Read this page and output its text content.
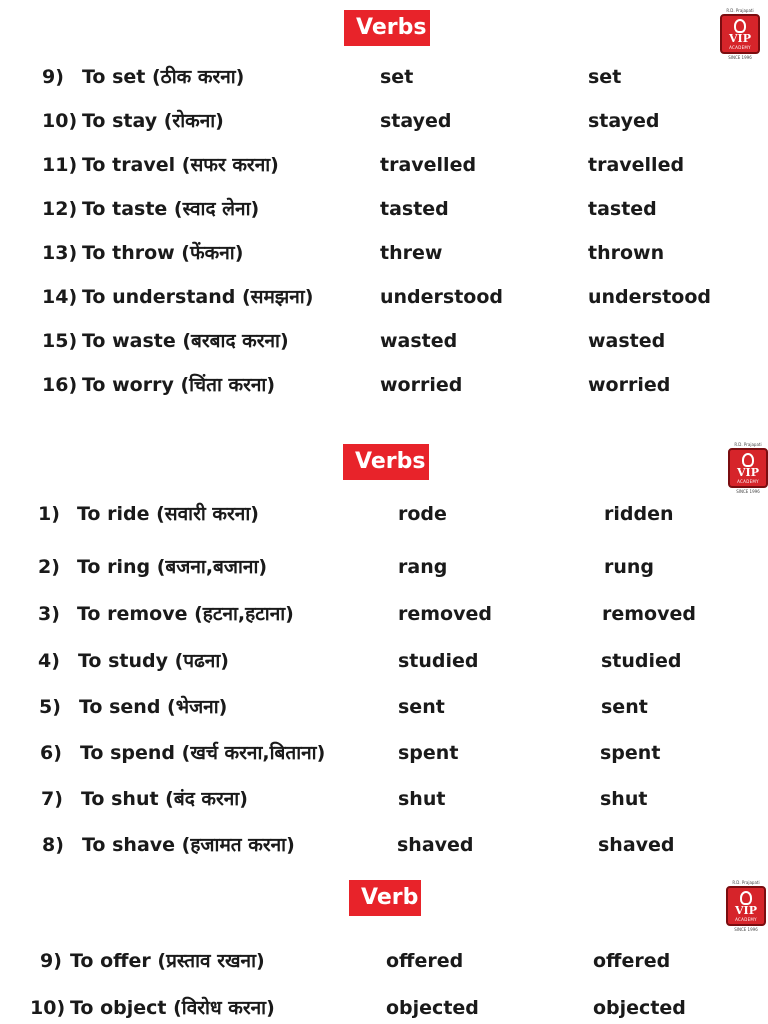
Verbs
R.D. Prajapati
VIP
ACADEMY
SINCE 1996
9) To set (ठीक करना)	set	set
10) To stay (रोकना)	stayed	stayed
11) To travel (सफर करना)	travelled	travelled
12) To taste (स्वाद लेना)	tasted	tasted
13) To throw (फेंकना)	threw	thrown
14) To understand (समझना)	understood	understood
15) To waste (बरबाद करना)	wasted	wasted
16) To worry (चिंता करना)	worried	worried
Verbs
R.D. Prajapati
VIP
ACADEMY
SINCE 1996
1) To ride (सवारी करना)	rode	ridden
2) To ring (बजना,बजाना)	rang	rung
3) To remove (हटना,हटाना)	removed	removed
4) To study (पढना)	studied	studied
5) To send (भेजना)	sent	sent
6) To spend (खर्च करना,बिताना)	spent	spent
7) To shut (बंद करना)	shut	shut
8) To shave (हजामत करना)	shaved	shaved
Verb
R.D. Prajapati
VIP
ACADEMY
SINCE 1996
9) To offer (प्रस्ताव रखना)	offered	offered
10) To object (विरोध करना)	objected	objected
